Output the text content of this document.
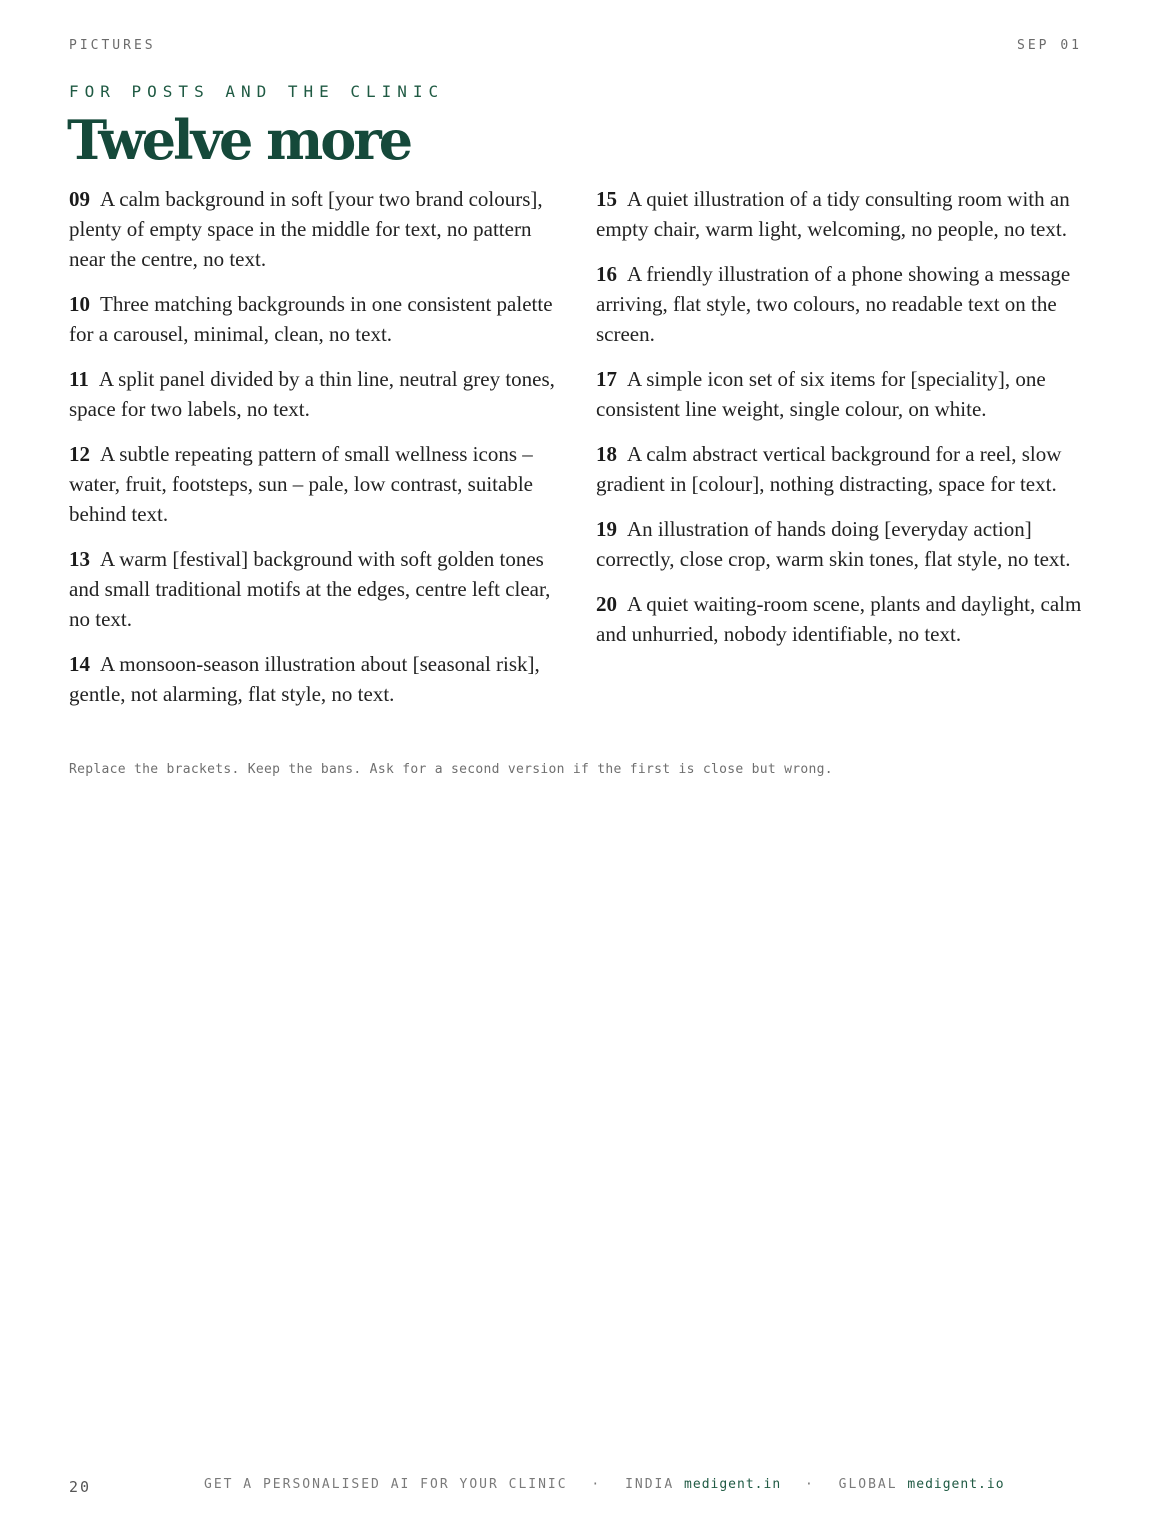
PICTURES	SEP 01
FOR POSTS AND THE CLINIC
Twelve more

09 A calm background in soft [your two brand colours], plenty of empty space in the middle for text, no pattern near the centre, no text.

10 Three matching backgrounds in one consistent palette for a carousel, minimal, clean, no text.

11 A split panel divided by a thin line, neutral grey tones, space for two labels, no text.

12 A subtle repeating pattern of small wellness icons – water, fruit, footsteps, sun – pale, low contrast, suitable behind text.

13 A warm [festival] background with soft golden tones and small traditional motifs at the edges, centre left clear, no text.

14 A monsoon-season illustration about [seasonal risk], gentle, not alarming, flat style, no text.

15 A quiet illustration of a tidy consulting room with an empty chair, warm light, welcoming, no people, no text.

16 A friendly illustration of a phone showing a message arriving, flat style, two colours, no readable text on the screen.

17 A simple icon set of six items for [speciality], one consistent line weight, single colour, on white.

18 A calm abstract vertical background for a reel, slow gradient in [colour], nothing distracting, space for text.

19 An illustration of hands doing [everyday action] correctly, close crop, warm skin tones, flat style, no text.

20 A quiet waiting-room scene, plants and daylight, calm and unhurried, nobody identifiable, no text.

Replace the brackets. Keep the bans. Ask for a second version if the first is close but wrong.
20	GET A PERSONALISED AI FOR YOUR CLINIC · INDIA medigent.in · GLOBAL medigent.io
